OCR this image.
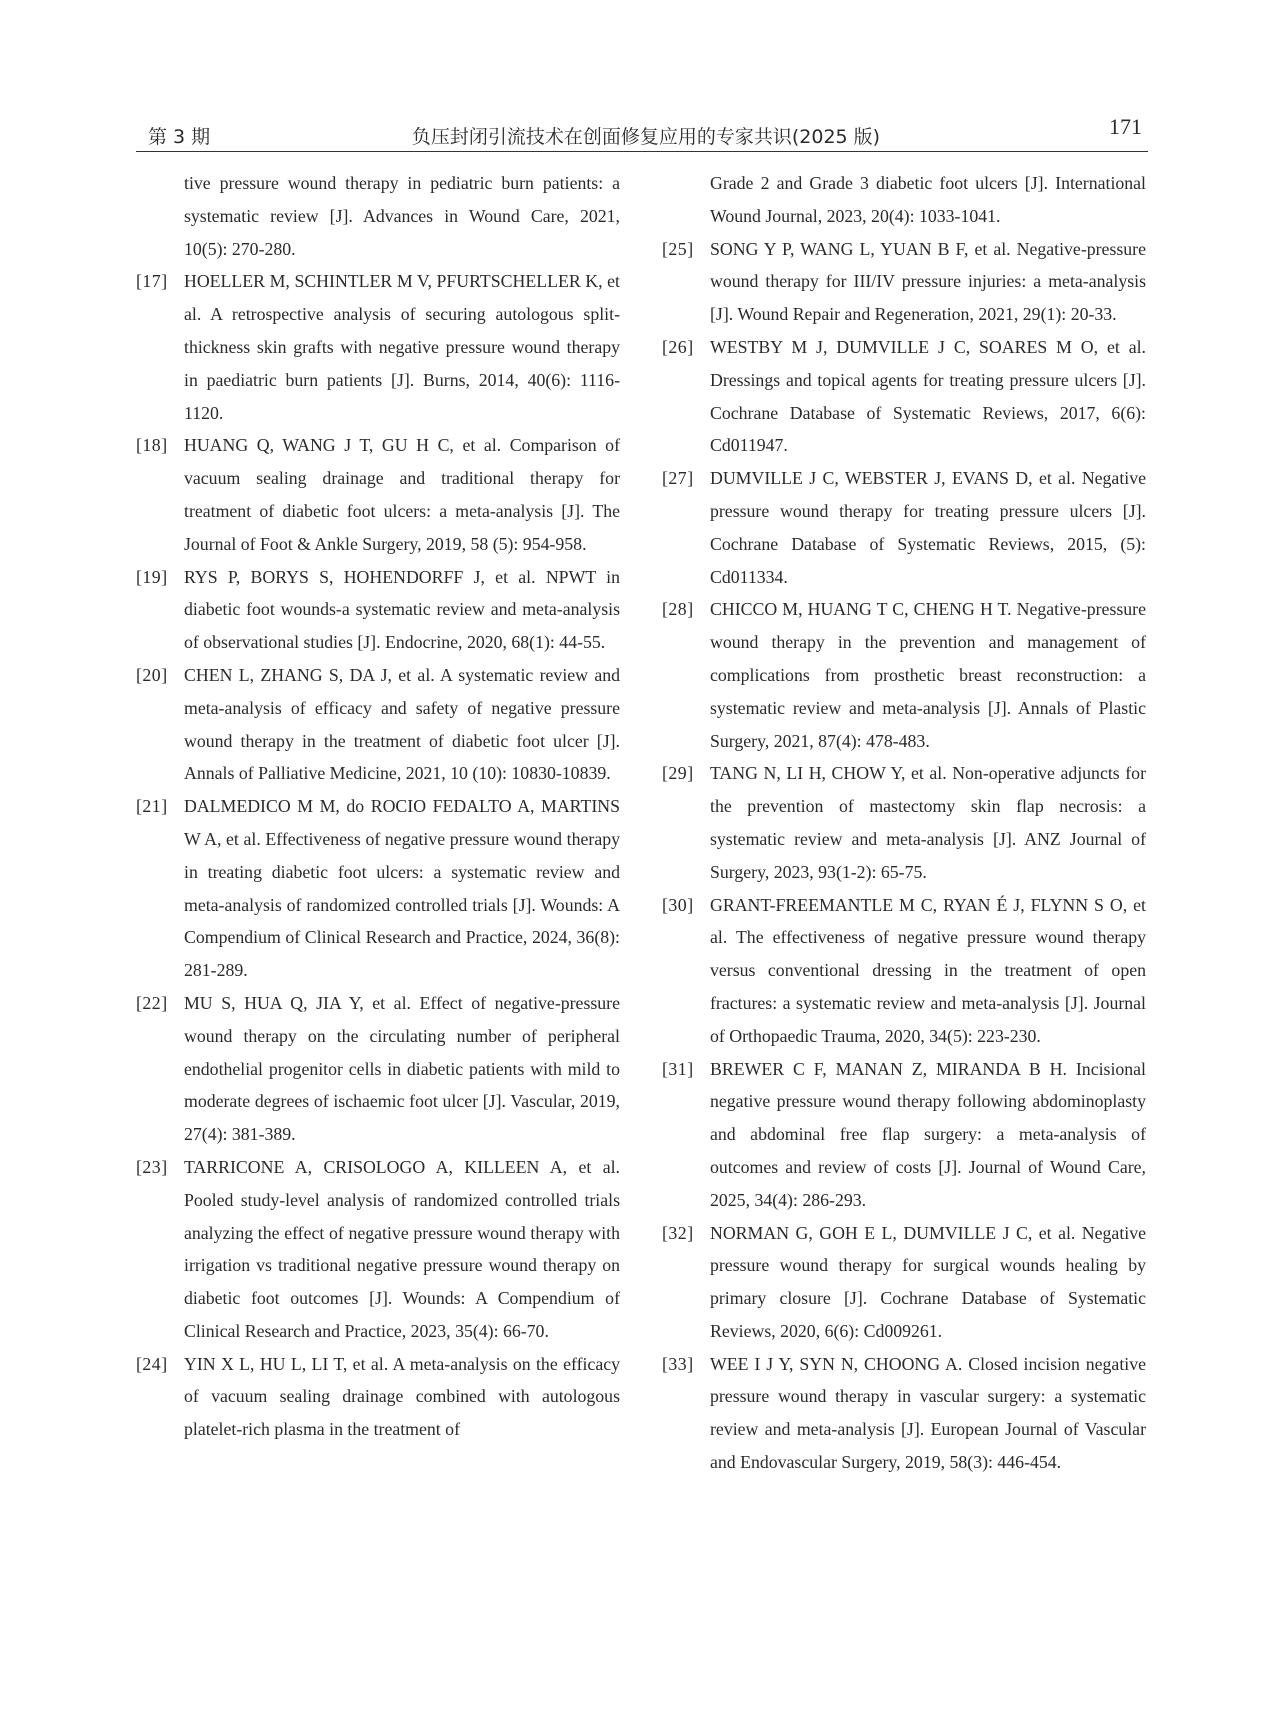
第 3 期	负压封闭引流技术在创面修复应用的专家共识(2025 版)	171
tive pressure wound therapy in pediatric burn patients: a systematic review [J]. Advances in Wound Care, 2021, 10(5): 270-280.
[17] HOELLER M, SCHINTLER M V, PFURTSCHELLER K, et al. A retrospective analysis of securing autologous split-thickness skin grafts with negative pressure wound therapy in paediatric burn patients [J]. Burns, 2014, 40(6): 1116-1120.
[18] HUANG Q, WANG J T, GU H C, et al. Comparison of vacuum sealing drainage and traditional therapy for treatment of diabetic foot ulcers: a meta-analysis [J]. The Journal of Foot & Ankle Surgery, 2019, 58 (5): 954-958.
[19] RYS P, BORYS S, HOHENDORFF J, et al. NPWT in diabetic foot wounds-a systematic review and meta-analysis of observational studies [J]. Endocrine, 2020, 68(1): 44-55.
[20] CHEN L, ZHANG S, DA J, et al. A systematic review and meta-analysis of efficacy and safety of negative pressure wound therapy in the treatment of diabetic foot ulcer [J]. Annals of Palliative Medicine, 2021, 10 (10): 10830-10839.
[21] DALMEDICO M M, do ROCIO FEDALTO A, MARTINS W A, et al. Effectiveness of negative pressure wound therapy in treating diabetic foot ulcers: a systematic review and meta-analysis of randomized controlled trials [J]. Wounds: A Compendium of Clinical Research and Practice, 2024, 36(8): 281-289.
[22] MU S, HUA Q, JIA Y, et al. Effect of negative-pressure wound therapy on the circulating number of peripheral endothelial progenitor cells in diabetic patients with mild to moderate degrees of ischaemic foot ulcer [J]. Vascular, 2019, 27(4): 381-389.
[23] TARRICONE A, CRISOLOGO A, KILLEEN A, et al. Pooled study-level analysis of randomized controlled trials analyzing the effect of negative pressure wound therapy with irrigation vs traditional negative pressure wound therapy on diabetic foot outcomes [J]. Wounds: A Compendium of Clinical Research and Practice, 2023, 35(4): 66-70.
[24] YIN X L, HU L, LI T, et al. A meta-analysis on the efficacy of vacuum sealing drainage combined with autologous platelet-rich plasma in the treatment of
Grade 2 and Grade 3 diabetic foot ulcers [J]. International Wound Journal, 2023, 20(4): 1033-1041.
[25] SONG Y P, WANG L, YUAN B F, et al. Negative-pressure wound therapy for III/IV pressure injuries: a meta-analysis [J]. Wound Repair and Regeneration, 2021, 29(1): 20-33.
[26] WESTBY M J, DUMVILLE J C, SOARES M O, et al. Dressings and topical agents for treating pressure ulcers [J]. Cochrane Database of Systematic Reviews, 2017, 6(6): Cd011947.
[27] DUMVILLE J C, WEBSTER J, EVANS D, et al. Negative pressure wound therapy for treating pressure ulcers [J]. Cochrane Database of Systematic Reviews, 2015, (5): Cd011334.
[28] CHICCO M, HUANG T C, CHENG H T. Negative-pressure wound therapy in the prevention and management of complications from prosthetic breast reconstruction: a systematic review and meta-analysis [J]. Annals of Plastic Surgery, 2021, 87(4): 478-483.
[29] TANG N, LI H, CHOW Y, et al. Non-operative adjuncts for the prevention of mastectomy skin flap necrosis: a systematic review and meta-analysis [J]. ANZ Journal of Surgery, 2023, 93(1-2): 65-75.
[30] GRANT-FREEMANTLE M C, RYAN É J, FLYNN S O, et al. The effectiveness of negative pressure wound therapy versus conventional dressing in the treatment of open fractures: a systematic review and meta-analysis [J]. Journal of Orthopaedic Trauma, 2020, 34(5): 223-230.
[31] BREWER C F, MANAN Z, MIRANDA B H. Incisional negative pressure wound therapy following abdominoplasty and abdominal free flap surgery: a meta-analysis of outcomes and review of costs [J]. Journal of Wound Care, 2025, 34(4): 286-293.
[32] NORMAN G, GOH E L, DUMVILLE J C, et al. Negative pressure wound therapy for surgical wounds healing by primary closure [J]. Cochrane Database of Systematic Reviews, 2020, 6(6): Cd009261.
[33] WEE I J Y, SYN N, CHOONG A. Closed incision negative pressure wound therapy in vascular surgery: a systematic review and meta-analysis [J]. European Journal of Vascular and Endovascular Surgery, 2019, 58(3): 446-454.
